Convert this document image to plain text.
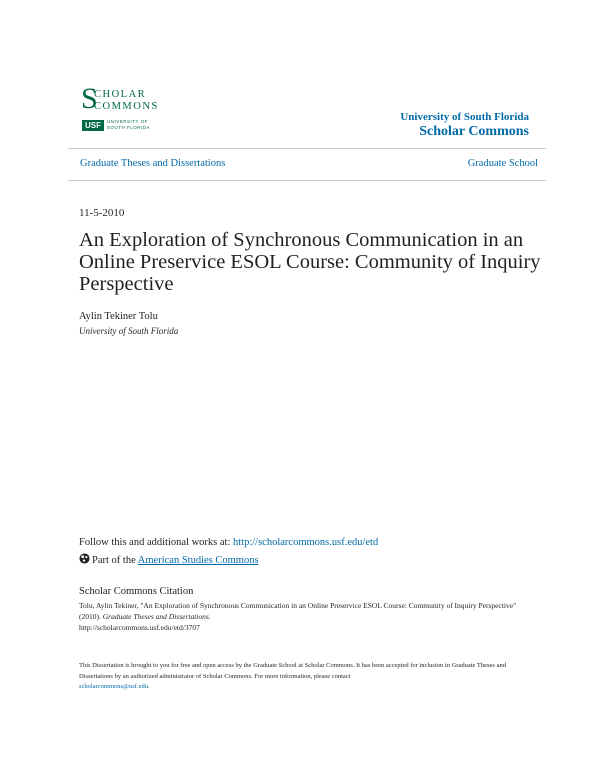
S
CHOLAR
COMMONS
USF	UNIVERSITY OF
SOUTH FLORIDA
University of South Florida
Scholar Commons
Graduate Theses and Dissertations	Graduate School
11-5-2010
An Exploration of Synchronous Communication in an Online Preservice ESOL Course: Community of Inquiry Perspective
Aylin Tekiner Tolu
University of South Florida
Follow this and additional works at: http://scholarcommons.usf.edu/etd
Part of the American Studies Commons
Scholar Commons Citation
Tolu, Aylin Tekiner, "An Exploration of Synchronous Communication in an Online Preservice ESOL Course: Community of Inquiry Perspective" (2010). Graduate Theses and Dissertations.
http://scholarcommons.usf.edu/etd/3707
This Dissertation is brought to you for free and open access by the Graduate School at Scholar Commons. It has been accepted for inclusion in Graduate Theses and Dissertations by an authorized administrator of Scholar Commons. For more information, please contact
scholarcommons@usf.edu.
